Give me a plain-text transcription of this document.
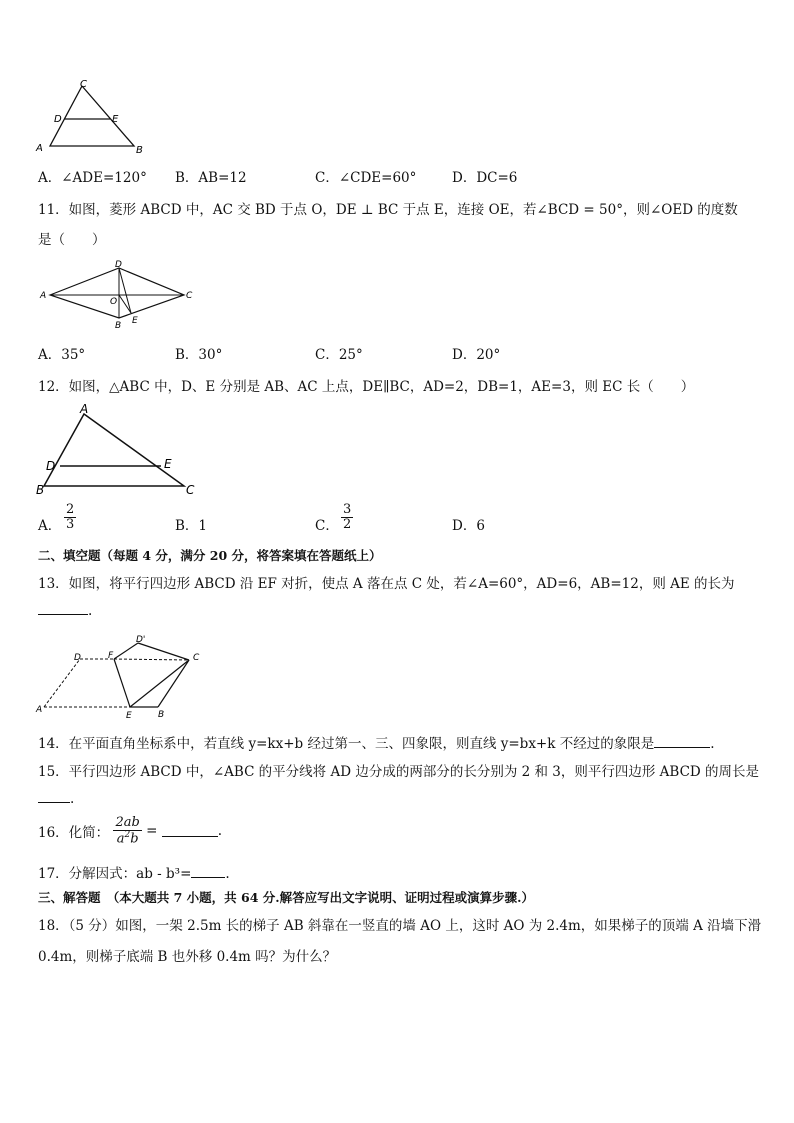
C
D	E
A	B
A．∠ADE=120° B．AB=12	C．∠CDE=60°	D．DC=6
11．如图，菱形 ABCD 中，AC 交 BD 于点 O，DE ⊥ BC 于点 E，连接 OE，若∠BCD = 50°，则∠OED 的度数
是（　　）
D
A
O
C
B E
A．35°	B．30°	C．25°	D．20°
12．如图，△ABC 中，D、E 分别是 AB、AC 上点，DE∥BC，AD=2，DB=1，AE=3，则 EC 长（　　）
A
D	E
B	C
A． $\frac{2}{3}$	B．1	C． $\frac{3}{2}$	D．6
二、填空题（每题 4 分，满分 20 分，将答案填在答题纸上）
13．如图，将平行四边形 ABCD 沿 EF 对折，使点 A 落在点 C 处，若∠A=60°，AD=6，AB=12，则 AE 的长为
.
D'
D	F	C
A
E	B
14．在平面直角坐标系中，若直线 y=kx+b 经过第一、三、四象限，则直线 y=bx+k 不经过的象限是	.
15．平行四边形 ABCD 中，∠ABC 的平分线将 AD 边分成的两部分的长分别为 2 和 3，则平行四边形 ABCD 的周长是
.
16．化简： $\frac{2ab}{a^2b}$ =	.
17．分解因式：ab - b³=	.
三、解答题　（本大题共 7 小题，共 64 分.解答应写出文字说明、证明过程或演算步骤.）
18．（5 分）如图，一架 2.5m 长的梯子 AB 斜靠在一竖直的墙 AO 上，这时 AO 为 2.4m，如果梯子的顶端 A 沿墙下滑
0.4m，则梯子底端 B 也外移 0.4m 吗？为什么？
